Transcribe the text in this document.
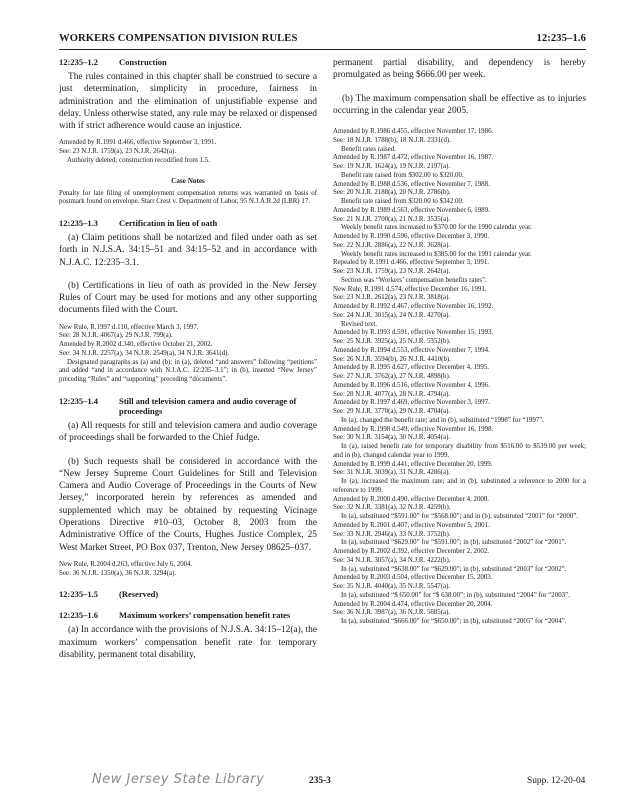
WORKERS COMPENSATION DIVISION RULES	12:235–1.6
12:235–1.2	Construction

The rules contained in this chapter shall be construed to secure a just determination, simplicity in procedure, fairness in administration and the elimination of unjustifiable expense and delay. Unless otherwise stated, any rule may be relaxed or dispensed with if strict adherence would cause an injustice.

Amended by R.1991 d.466, effective September 3, 1991.
See: 23 N.J.R. 1759(a), 23 N.J.R. 2642(a).
Authority deleted; construction recodified from 1.5.
Case Notes

Penalty for late filing of unemployment compensation returns was warranted on basis of postmark found on envelope. Starr Crest v. Department of Labor, 95 N.J.A.R.2d (LBR) 17.

12:235–1.3	Certification in lieu of oath

(a) Claim petitions shall be notarized and filed under oath as set forth in N.J.S.A. 34:15–51 and 34:15–52 and in accordance with N.J.A.C. 12:235–3.1.

(b) Certifications in lieu of oath as provided in the New Jersey Rules of Court may be used for motions and any other supporting documents filed with the Court.

New Rule, R.1997 d.110, effective March 3, 1997.
See: 28 N.J.R. 4067(a), 29 N.J.R. 799(a).
Amended by R.2002 d.340, effective October 21, 2002.
See: 34 N.J.R. 2257(a), 34 N.J.R. 2549(a), 34 N.J.R. 3641(d).
Designated paragraphs as (a) and (b); in (a), deleted “and answers” following “petitions” and added “and in accordance with N.J.A.C. 12:235–3.1”; in (b), inserted “New Jersey” preceding “Rules” and “supporting” preceding “documents”.
12:235–1.4	Still and television camera and audio coverage of proceedings

(a) All requests for still and television camera and audio coverage of proceedings shall be forwarded to the Chief Judge.

(b) Such requests shall be considered in accordance with the “New Jersey Supreme Court Guidelines for Still and Television Camera and Audio Coverage of Proceedings in the Courts of New Jersey,” incorporated herein by references as amended and supplemented which may be obtained by requesting Vicinage Operations Directive #10–03, October 8, 2003 from the Administrative Office of the Courts, Hughes Justice Complex, 25 West Market Street, PO Box 037, Trenton, New Jersey 08625–037.

New Rule, R.2004 d.263, effective July 6, 2004.
See: 36 N.J.R. 1350(a), 36 N.J.R. 3294(a).
12:235–1.5	(Reserved)
12:235–1.6	Maximum workers’ compensation benefit rates

(a) In accordance with the provisions of N.J.S.A. 34:15–12(a), the maximum workers’ compensation benefit rate for temporary disability, permanent total disability,

permanent partial disability, and dependency is hereby promulgated as being $666.00 per week.

(b) The maximum compensation shall be effective as to injuries occurring in the calendar year 2005.

Amended by R.1986 d.455, effective November 17, 1986.
See: 18 N.J.R. 1788(b), 18 N.J.R. 2331(d).
Benefit rates raised.
Amended by R.1987 d.472, effective November 16, 1987.
See: 19 N.J.R. 1624(a), 19 N.J.R. 2197(a).
Benefit rate raised from $302.00 to $320.00.
Amended by R.1988 d.536, effective November 7, 1988.
See: 20 N.J.R. 2188(a), 20 N.J.R. 2786(b).
Benefit rate raised from $320.00 to $342.00.
Amended by R.1989 d.563, effective November 6, 1989.
See: 21 N.J.R. 2700(a), 21 N.J.R. 3535(a).
Weekly benefit rates increased to $370.00 for the 1990 calendar year.
Amended by R.1990 d.596, effective December 3, 1990.
See: 22 N.J.R. 2886(a), 22 N.J.R. 3628(a).
Weekly benefit rates increased to $385.00 for the 1991 calendar year.
Repealed by R.1991 d.466, effective September 3, 1991.
See: 23 N.J.R. 1759(a), 23 N.J.R. 2642(a).
Section was “Workers’ compensation benefits rates”.
New Rule, R.1991 d.574, effective December 16, 1991.
See: 23 N.J.R. 2612(a), 23 N.J.R. 3818(a).
Amended by R.1992 d.467, effective November 16, 1992.
See: 24 N.J.R. 3015(a), 24 N.J.R. 4270(a).
Revised text.
Amended by R.1993 d.591, effective November 15, 1993.
See: 25 N.J.R. 3925(a), 25 N.J.R. 5352(b).
Amended by R.1994 d.553, effective November 7, 1994.
See: 26 N.J.R. 3594(b), 26 N.J.R. 4410(b).
Amended by R.1995 d.627, effective December 4, 1995.
See: 27 N.J.R. 3762(a), 27 N.J.R. 4898(b).
Amended by R.1996 d.516, effective November 4, 1996.
See: 28 N.J.R. 4077(a), 28 N.J.R. 4794(a).
Amended by R.1997 d.469, effective November 3, 1997.
See: 29 N.J.R. 3770(a), 29 N.J.R. 4704(a).
In (a), changed the benefit rate; and in (b), substituted “1998” for “1997”.
Amended by R.1998 d.549, effective November 16, 1998.
See: 30 N.J.R. 3154(a), 30 N.J.R. 4054(a).
In (a), raised benefit rate for temporary disability from $516.00 to $539.00 per week; and in (b), changed calendar year to 1999.
Amended by R.1999 d.441, effective December 20, 1999.
See: 31 N.J.R. 3039(a), 31 N.J.R. 4286(a).
In (a), increased the maximum rate; and in (b), substituted a reference to 2000 for a reference to 1999.
Amended by R.2000 d.490, effective December 4, 2000.
See: 32 N.J.R. 3381(a), 32 N.J.R. 4259(b).
In (a), substituted “$591.00” for “$568.00”; and in (b), substituted “2001” for “2000”.
Amended by R.2001 d.407, effective November 5, 2001.
See: 33 N.J.R. 2946(a), 33 N.J.R. 3752(b).
In (a), substituted “$629.00” for “$591.00”; in (b), substituted “2002” for “2001”.
Amended by R.2002 d.392, effective December 2, 2002.
See: 34 N.J.R. 3057(a), 34 N.J.R. 4222(b).
In (a), substituted “$638.00” for “$629.00”; in (b), substituted “2003” for “2002”.
Amended by R.2003 d.504, effective December 15, 2003.
See: 35 N.J.R. 4040(a), 35 N.J.R. 5547(a).
In (a), substituted “$ 650.00” for “$ 638.00”; in (b), substituted “2004” for “2003”.
Amended by R.2004 d.474, effective December 20, 2004.
See: 36 N.J.R. 3987(a), 36 N.J.R. 5685(a).
In (a), substituted “$666.00” for “$650.00”; in (b), substituted “2005” for “2004”.
New Jersey State Library	235-3	Supp. 12-20-04
